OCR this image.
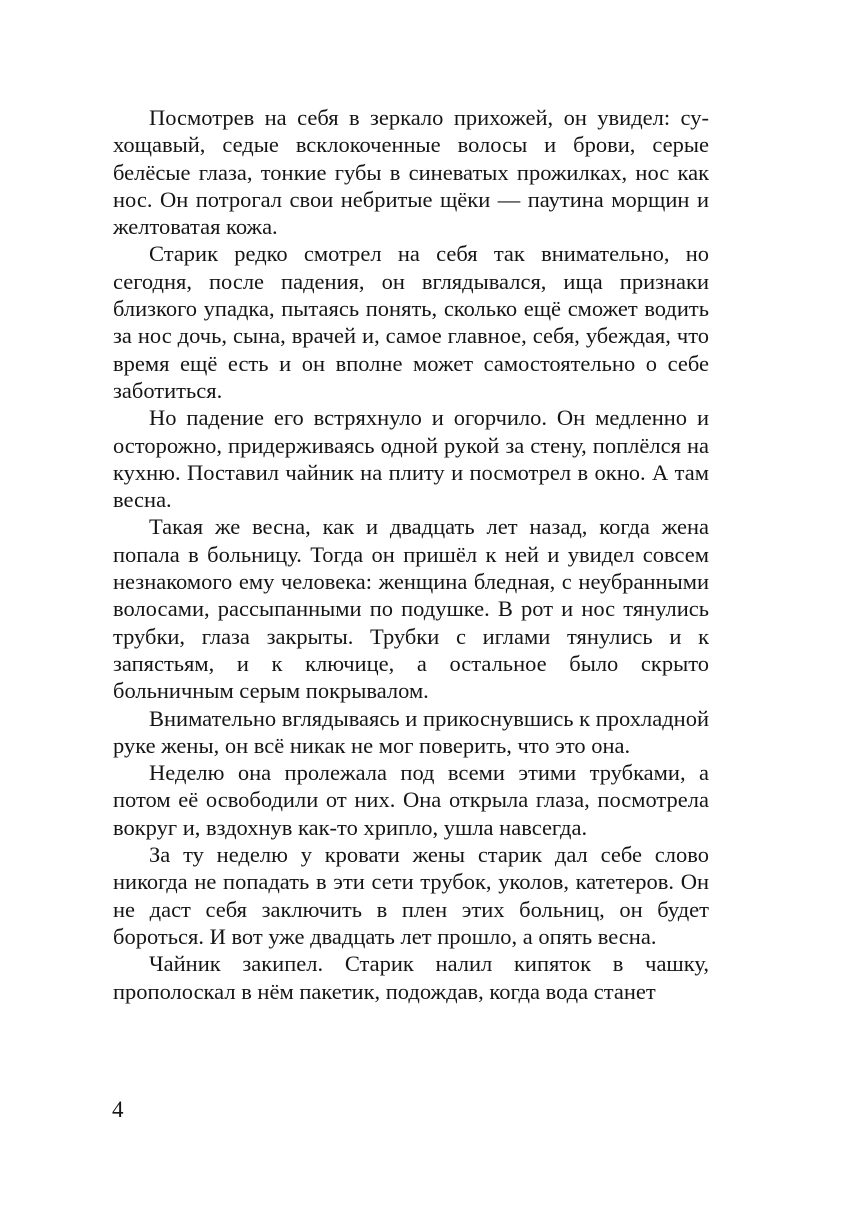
Посмотрев на себя в зеркало прихожей, он увидел: сухощавый, седые всклокоченные волосы и брови, серые белёсые глаза, тонкие губы в синеватых прожилках, нос как нос. Он потрогал свои небритые щёки — паутина морщин и желтоватая кожа.

Старик редко смотрел на себя так внимательно, но сегодня, после падения, он вглядывался, ища признаки близкого упадка, пытаясь понять, сколько ещё сможет водить за нос дочь, сына, врачей и, самое главное, себя, убеждая, что время ещё есть и он вполне может самостоятельно о себе заботиться.

Но падение его встряхнуло и огорчило. Он медленно и осторожно, придерживаясь одной рукой за стену, поплёлся на кухню. Поставил чайник на плиту и посмотрел в окно. А там весна.

Такая же весна, как и двадцать лет назад, когда жена попала в больницу. Тогда он пришёл к ней и увидел совсем незнакомого ему человека: женщина бледная, с неубранными волосами, рассыпанными по подушке. В рот и нос тянулись трубки, глаза закрыты. Трубки с иглами тянулись и к запястьям, и к ключице, а остальное было скрыто больничным серым покрывалом.

Внимательно вглядываясь и прикоснувшись к прохладной руке жены, он всё никак не мог поверить, что это она.

Неделю она пролежала под всеми этими трубками, а потом её освободили от них. Она открыла глаза, посмотрела вокруг и, вздохнув как-то хрипло, ушла навсегда.

За ту неделю у кровати жены старик дал себе слово никогда не попадать в эти сети трубок, уколов, катетеров. Он не даст себя заключить в плен этих больниц, он будет бороться. И вот уже двадцать лет прошло, а опять весна.

Чайник закипел. Старик налил кипяток в чашку, прополоскал в нём пакетик, подождав, когда вода станет

4
